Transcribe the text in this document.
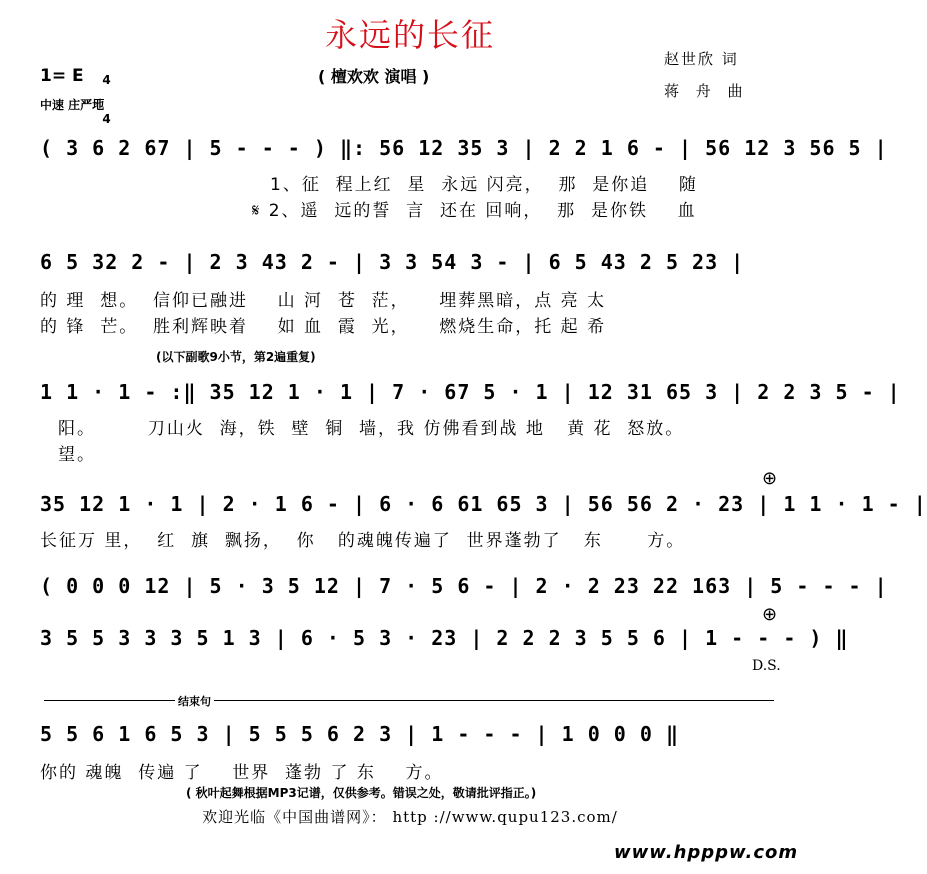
永远的长征
( 檀欢欢 演唱 )
赵世欣 词
蒋 舟 曲
1= E	4

4

中速 庄严地
( 3 6 2 67 | 5 - - - ) ‖: 56 12 35 3 | 2 2 1 6 - | 56 12 3 56 5 |
1、征  程上红  星  永远 闪亮，  那  是你追    随
𝄋 2、遥  远的誓  言  还在 回响，  那  是你铁    血
6 5 32 2 - | 2 3 43 2 - | 3 3 54 3 - | 6 5 43 2 5 23 |
的 理  想。  信仰已融进    山 河  苍  茫，    埋葬黑暗，点 亮 太
的 锋  芒。  胜利辉映着    如 血  霞  光，    燃烧生命，托 起 希
(以下副歌9小节，第2遍重复)
1 1 · 1 - :‖ 35 12 1 · 1 | 7 · 67 5 · 1 | 12 31 65 3 | 2 2 3 5 - |
阳。       刀山火  海，铁  壁  铜  墙，我 仿佛看到战 地   黄 花  怒放。
望。
⊕
35 12 1 · 1 | 2 · 1 6 - | 6 · 6 61 65 3 | 56 56 2 · 23 | 1 1 · 1 - |
长征万 里，  红  旗  飘扬，  你   的魂魄传遍了  世界蓬勃了   东      方。
( 0 0 0 12 | 5 · 3 5 12 | 7 · 5 6 - | 2 · 2 23 22 163 | 5 - - - |
⊕
3 5 5 3 3 3 5 1 3 | 6 · 5 3 · 23 | 2 2 2 3 5 5 6 | 1 - - - ) ‖
D.S.
结束句
5 5 6 1 6 5 3 | 5 5 5 6 2 3 | 1 - - - | 1 0 0 0 ‖
你的 魂魄  传遍 了    世界  蓬勃 了 东    方。
( 秋叶起舞根据MP3记谱，仅供参考。错误之处，敬请批评指正。)
欢迎光临《中国曲谱网》： http ://www.qupu123.com/
www.hpppw.com
